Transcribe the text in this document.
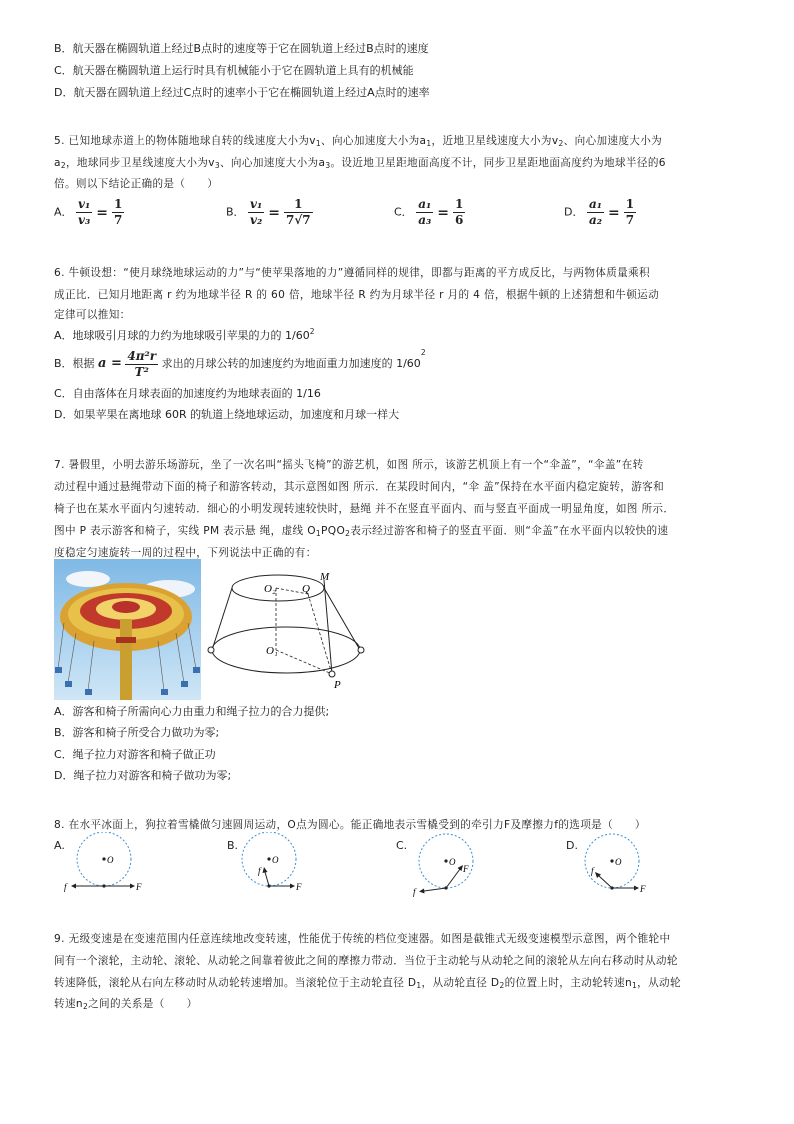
B．航天器在椭圆轨道上经过B点时的速度等于它在圆轨道上经过B点时的速度
C．航天器在椭圆轨道上运行时具有机械能小于它在圆轨道上具有的机械能
D．航天器在圆轨道上经过C点时的速率小于它在椭圆轨道上经过A点时的速率
5. 已知地球赤道上的物体随地球自转的线速度大小为$v_1$、向心加速度大小为$a_1$，近地卫星线速度大小为$v_2$、向心加速度大小为
$a_2$，地球同步卫星线速度大小为$v_3$、向心加速度大小为$a_3$。设近地卫星距地面高度不计，同步卫星距地面高度约为地球半径的6
倍。则以下结论正确的是（　　）
A． $\frac{\text{v₁}}{\text{v₃}} = \frac{1}{7}$	B． $\frac{\text{v₁}}{\text{v₂}} = \frac{1}{7√7}$	C． $\frac{\text{a₁}}{\text{a₃}} = \frac{1}{6}$	D． $\frac{\text{a₁}}{\text{a₂}} = \frac{1}{7}$
6. 牛顿设想：“使月球绕地球运动的力”与“使苹果落地的力”遵循同样的规律，即都与距离的平方成反比，与两物体质量乘积
成正比．已知月地距离 r 约为地球半径 R 的 60 倍，地球半径 R 约为月球半径 r 月的 4 倍，根据牛顿的上述猜想和牛顿运动
定律可以推知：
A．地球吸引月球的力约为地球吸引苹果的力的 $1/60^2$
B．根据 $a = \frac{\text{4π²r}}{\text{T²}}$ 求出的月球公转的加速度约为地面重力加速度的 $1/60^2$
C．自由落体在月球表面的加速度约为地球表面的 1/16
D．如果苹果在离地球 60R 的轨道上绕地球运动，加速度和月球一样大
7. 暑假里，小明去游乐场游玩，坐了一次名叫“摇头飞椅”的游艺机，如图 所示，该游艺机顶上有一个“伞盖”，“伞盖”在转
动过程中通过悬绳带动下面的椅子和游客转动，其示意图如图 所示．在某段时间内，“伞 盖”保持在水平面内稳定旋转，游客和
椅子也在某水平面内匀速转动．细心的小明发现转速较快时，悬绳 并不在竖直平面内、而与竖直平面成一明显角度，如图 所示．
图中 P 表示游客和椅子，实线 PM 表示悬 绳，虚线 $O_1PQO_2$表示经过游客和椅子的竖直平面．则“伞盖”在水平面内以较快的速
度稳定匀速旋转一周的过程中，下列说法中正确的有：
M
Q
O₂
O₁
P
A．游客和椅子所需向心力由重力和绳子拉力的合力提供;
B．游客和椅子所受合力做功为零;
C．绳子拉力对游客和椅子做正功
D．绳子拉力对游客和椅子做功为零;
8. 在水平冰面上，狗拉着雪橇做匀速圆周运动，O点为圆心。能正确地表示雪橇受到的牵引力F及摩擦力f的选项是（　　）
A.
O
F
f
B.
O
F
f
C.
O
F
f
D.
O
F
f
9. 无级变速是在变速范围内任意连续地改变转速，性能优于传统的档位变速器。如图是截锥式无级变速模型示意图，两个锥轮中
间有一个滚轮，主动轮、滚轮、从动轮之间靠着彼此之间的摩擦力带动．当位于主动轮与从动轮之间的滚轮从左向右移动时从动轮
转速降低，滚轮从右向左移动时从动轮转速增加。当滚轮位于主动轮直径 $D_1$，从动轮直径 $D_2$的位置上时，主动轮转速$n_1$，从动轮
转速$n_2$之间的关系是（　　）
